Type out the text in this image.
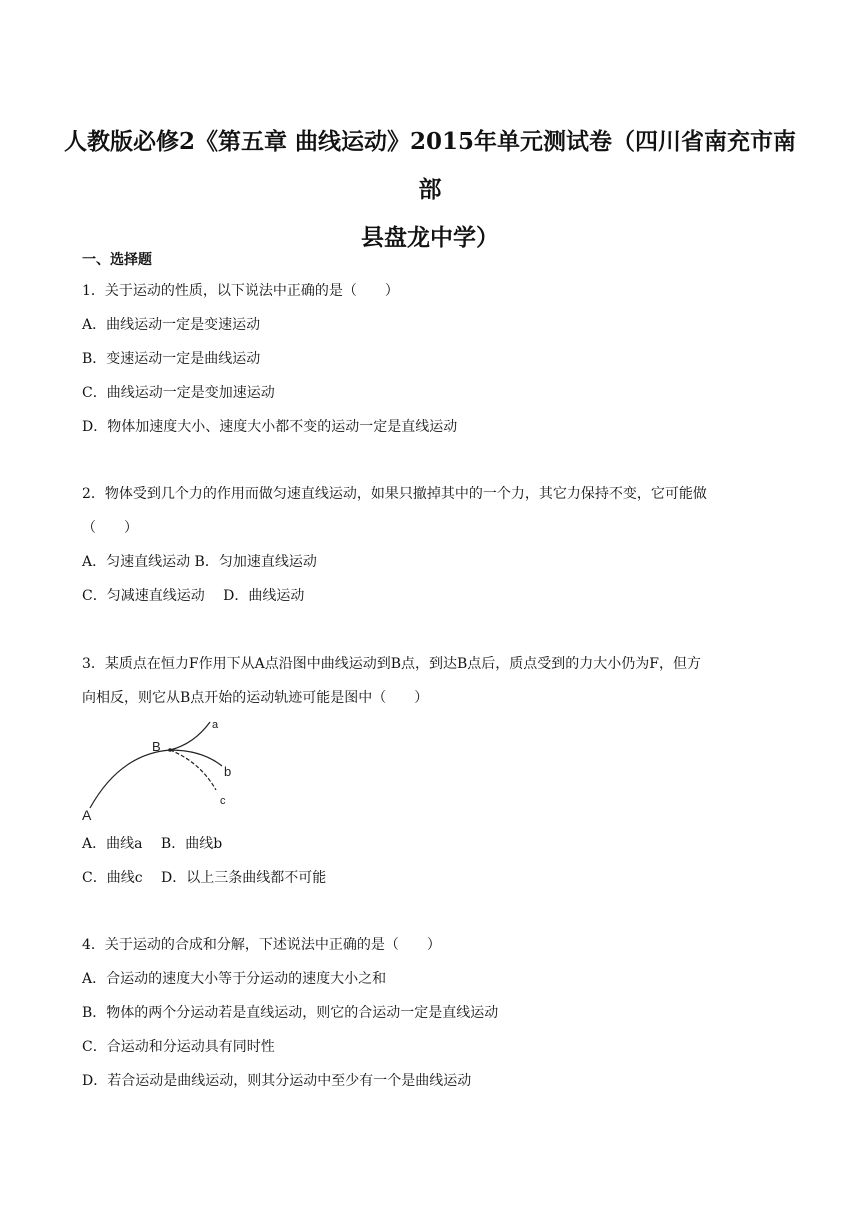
人教版必修2《第五章 曲线运动》2015年单元测试卷（四川省南充市南部
县盘龙中学）
一、选择题
1．关于运动的性质，以下说法中正确的是（　　）
A．曲线运动一定是变速运动
B．变速运动一定是曲线运动
C．曲线运动一定是变加速运动
D．物体加速度大小、速度大小都不变的运动一定是直线运动
2．物体受到几个力的作用而做匀速直线运动，如果只撤掉其中的一个力，其它力保持不变，它可能做
（　　）
A．匀速直线运动 B．匀加速直线运动
C．匀减速直线运动　 D．曲线运动
3．某质点在恒力F作用下从A点沿图中曲线运动到B点，到达B点后，质点受到的力大小仍为F，但方
向相反，则它从B点开始的运动轨迹可能是图中（　　）
A
B
a
b
c
A．曲线a　 B．曲线b
C．曲线c　 D．以上三条曲线都不可能
4．关于运动的合成和分解，下述说法中正确的是（　　）
A．合运动的速度大小等于分运动的速度大小之和
B．物体的两个分运动若是直线运动，则它的合运动一定是直线运动
C．合运动和分运动具有同时性
D．若合运动是曲线运动，则其分运动中至少有一个是曲线运动
